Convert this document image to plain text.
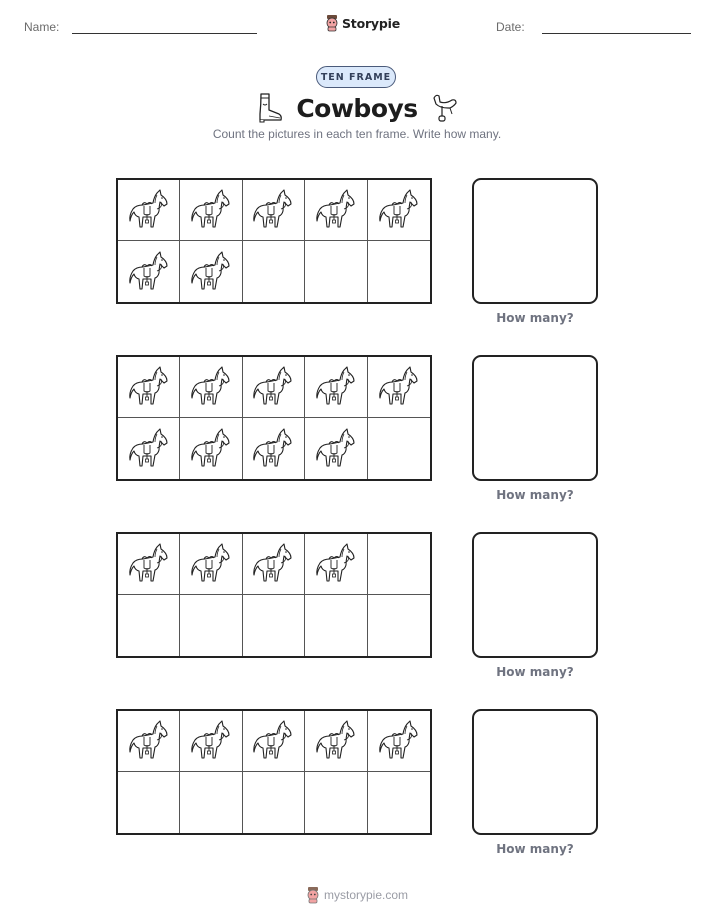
Name:	Storypie	Date:
TEN FRAME
Cowboys
Count the pictures in each ten frame. Write how many.
How many?
How many?
How many?
How many?
mystorypie.com
